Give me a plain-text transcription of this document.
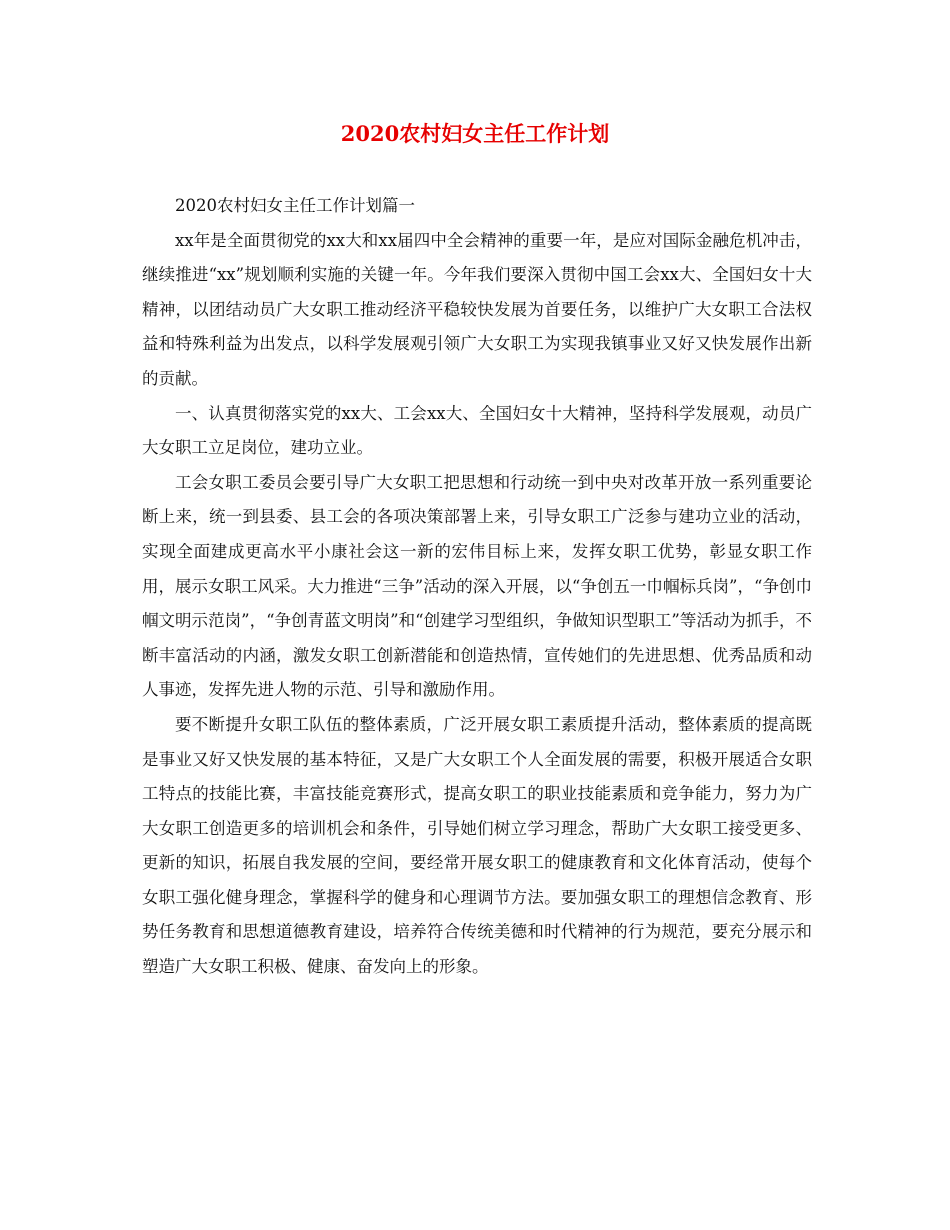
2020农村妇女主任工作计划

2020农村妇女主任工作计划篇一

xx年是全面贯彻党的xx大和xx届四中全会精神的重要一年，是应对国际金融危机冲击，继续推进“xx”规划顺利实施的关键一年。今年我们要深入贯彻中国工会xx大、全国妇女十大精神，以团结动员广大女职工推动经济平稳较快发展为首要任务，以维护广大女职工合法权益和特殊利益为出发点，以科学发展观引领广大女职工为实现我镇事业又好又快发展作出新的贡献。

一、认真贯彻落实党的xx大、工会xx大、全国妇女十大精神，坚持科学发展观，动员广大女职工立足岗位，建功立业。

工会女职工委员会要引导广大女职工把思想和行动统一到中央对改革开放一系列重要论断上来，统一到县委、县工会的各项决策部署上来，引导女职工广泛参与建功立业的活动，实现全面建成更高水平小康社会这一新的宏伟目标上来，发挥女职工优势，彰显女职工作用，展示女职工风采。大力推进“三争”活动的深入开展，以“争创五一巾帼标兵岗”，“争创巾帼文明示范岗”，“争创青蓝文明岗”和“创建学习型组织，争做知识型职工”等活动为抓手，不断丰富活动的内涵，激发女职工创新潜能和创造热情，宣传她们的先进思想、优秀品质和动人事迹，发挥先进人物的示范、引导和激励作用。

要不断提升女职工队伍的整体素质，广泛开展女职工素质提升活动，整体素质的提高既是事业又好又快发展的基本特征，又是广大女职工个人全面发展的需要，积极开展适合女职工特点的技能比赛，丰富技能竞赛形式，提高女职工的职业技能素质和竞争能力，努力为广大女职工创造更多的培训机会和条件，引导她们树立学习理念，帮助广大女职工接受更多、更新的知识，拓展自我发展的空间，要经常开展女职工的健康教育和文化体育活动，使每个女职工强化健身理念，掌握科学的健身和心理调节方法。要加强女职工的理想信念教育、形势任务教育和思想道德教育建设，培养符合传统美德和时代精神的行为规范，要充分展示和塑造广大女职工积极、健康、奋发向上的形象。
